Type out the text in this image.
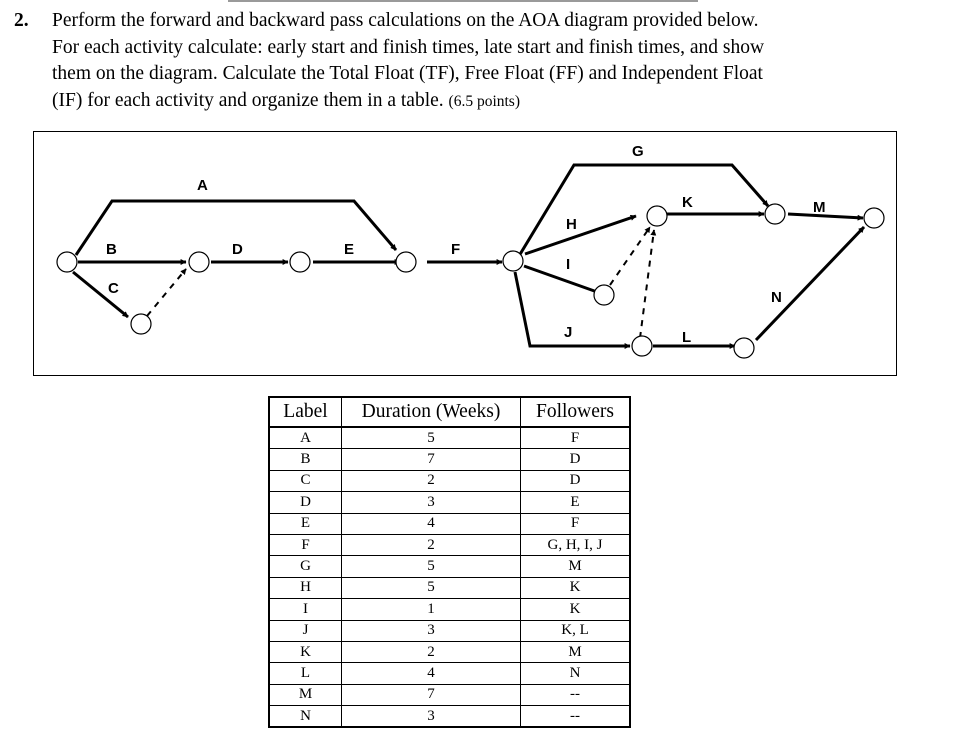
2. Perform the forward and backward pass calculations on the AOA diagram provided below.
For each activity calculate: early start and finish times, late start and finish times, and show
them on the diagram. Calculate the Total Float (TF), Free Float (FF) and Independent Float
(IF) for each activity and organize them in a table. (6.5 points)
A
B
C
D	E	F
G
H
I
J
K
L
M
N
Label	Duration (Weeks)	Followers
A	5	F
B	7	D
C	2	D
D	3	E
E	4	F
F	2	G, H, I, J
G	5	M
H	5	K
I	1	K
J	3	K, L
K	2	M
L	4	N
M	7	--
N	3	--
